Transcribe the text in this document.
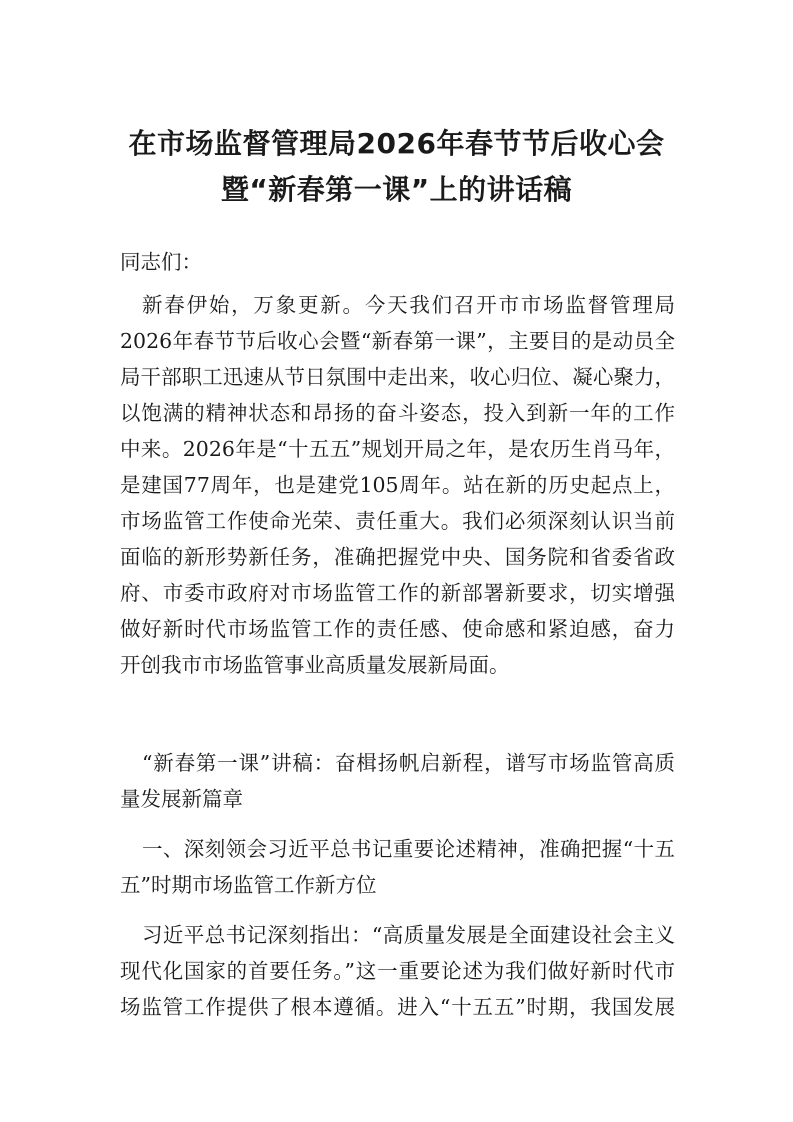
在市场监督管理局2026年春节节后收心会
暨“新春第一课”上的讲话稿
同志们：
新春伊始，万象更新。今天我们召开市市场监督管理局
2026年春节节后收心会暨“新春第一课”，主要目的是动员全
局干部职工迅速从节日氛围中走出来，收心归位、凝心聚力，
以饱满的精神状态和昂扬的奋斗姿态，投入到新一年的工作
中来。2026年是“十五五”规划开局之年，是农历生肖马年，
是建国77周年，也是建党105周年。站在新的历史起点上，
市场监管工作使命光荣、责任重大。我们必须深刻认识当前
面临的新形势新任务，准确把握党中央、国务院和省委省政
府、市委市政府对市场监管工作的新部署新要求，切实增强
做好新时代市场监管工作的责任感、使命感和紧迫感，奋力
开创我市市场监管事业高质量发展新局面。
“新春第一课”讲稿：奋楫扬帆启新程，谱写市场监管高质
量发展新篇章
一、深刻领会习近平总书记重要论述精神，准确把握“十五
五”时期市场监管工作新方位
习近平总书记深刻指出：“高质量发展是全面建设社会主义
现代化国家的首要任务。”这一重要论述为我们做好新时代市
场监管工作提供了根本遵循。进入“十五五”时期，我国发展
